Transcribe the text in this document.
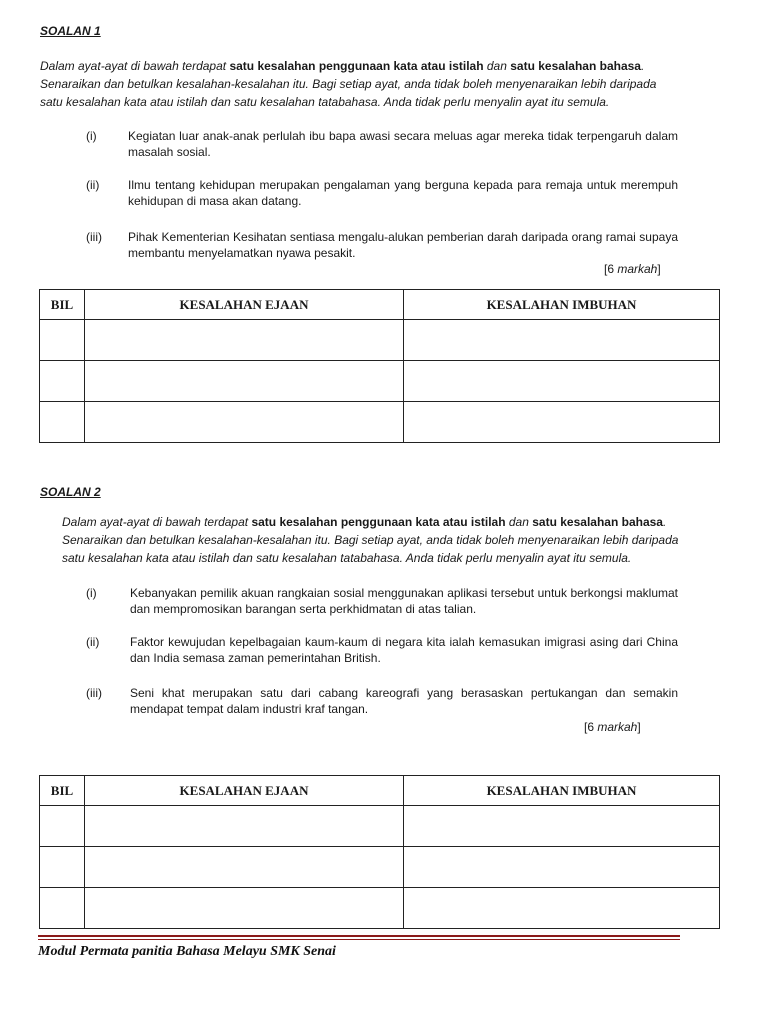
SOALAN 1
Dalam ayat-ayat di bawah terdapat satu kesalahan penggunaan kata atau istilah dan satu kesalahan bahasa. Senaraikan dan betulkan kesalahan-kesalahan itu. Bagi setiap ayat, anda tidak boleh menyenaraikan lebih daripada satu kesalahan kata atau istilah dan satu kesalahan tatabahasa. Anda tidak perlu menyalin ayat itu semula.
(i)	Kegiatan luar anak-anak perlulah ibu bapa awasi secara meluas agar mereka tidak terpengaruh dalam masalah sosial.
(ii)	Ilmu tentang kehidupan merupakan pengalaman yang berguna kepada para remaja untuk merempuh kehidupan di masa akan datang.
(iii)	Pihak Kementerian Kesihatan sentiasa mengalu-alukan pemberian darah daripada orang ramai supaya membantu menyelamatkan nyawa pesakit.
[6 markah]
BIL	KESALAHAN EJAAN	KESALAHAN IMBUHAN

SOALAN 2
Dalam ayat-ayat di bawah terdapat satu kesalahan penggunaan kata atau istilah dan satu kesalahan bahasa. Senaraikan dan betulkan kesalahan-kesalahan itu. Bagi setiap ayat, anda tidak boleh menyenaraikan lebih daripada satu kesalahan kata atau istilah dan satu kesalahan tatabahasa. Anda tidak perlu menyalin ayat itu semula.
(i)	Kebanyakan pemilik akuan rangkaian sosial menggunakan aplikasi tersebut untuk berkongsi maklumat dan mempromosikan barangan serta perkhidmatan di atas talian.
(ii)	Faktor kewujudan kepelbagaian kaum-kaum di negara kita ialah kemasukan imigrasi asing dari China dan India semasa zaman pemerintahan British.
(iii)	Seni khat merupakan satu dari cabang kareografi yang berasaskan pertukangan dan semakin mendapat tempat dalam industri kraf tangan.
[6 markah]
BIL	KESALAHAN EJAAN	KESALAHAN IMBUHAN

Modul Permata panitia Bahasa Melayu SMK Senai
